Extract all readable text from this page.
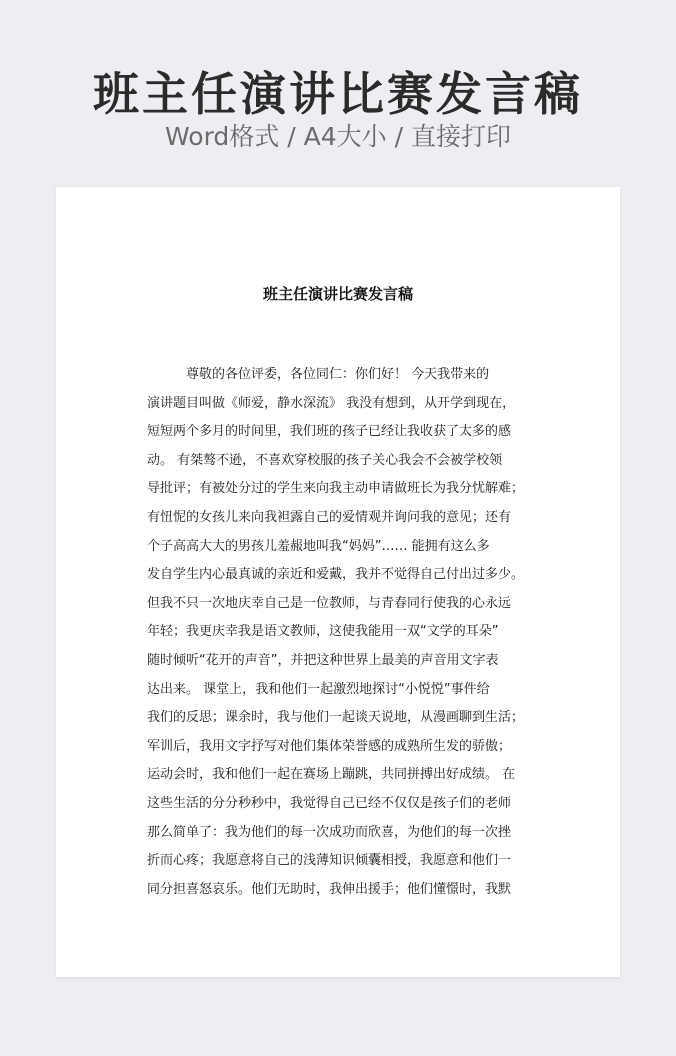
班主任演讲比赛发言稿

Word格式 / A4大小 / 直接打印

班主任演讲比赛发言稿
　　　尊敬的各位评委，各位同仁：你们好！ 今天我带来的
演讲题目叫做《师爱，静水深流》 我没有想到，从开学到现在，
短短两个多月的时间里，我们班的孩子已经让我收获了太多的感
动。 有桀骜不逊，不喜欢穿校服的孩子关心我会不会被学校领
导批评；有被处分过的学生来向我主动申请做班长为我分忧解难；
有忸怩的女孩儿来向我袒露自己的爱情观并询问我的意见；还有
个子高高大大的男孩儿羞赧地叫我“妈妈”…… 能拥有这么多
发自学生内心最真诚的亲近和爱戴，我并不觉得自己付出过多少。
但我不只一次地庆幸自己是一位教师，与青春同行使我的心永远
年轻；我更庆幸我是语文教师，这使我能用一双“文学的耳朵”
随时倾听“花开的声音”，并把这种世界上最美的声音用文字表
达出来。 课堂上，我和他们一起激烈地探讨“小悦悦”事件给
我们的反思；课余时，我与他们一起谈天说地，从漫画聊到生活；
军训后，我用文字抒写对他们集体荣誉感的成熟所生发的骄傲；
运动会时，我和他们一起在赛场上蹦跳，共同拼搏出好成绩。 在
这些生活的分分秒秒中，我觉得自己已经不仅仅是孩子们的老师
那么简单了：我为他们的每一次成功而欣喜，为他们的每一次挫
折而心疼；我愿意将自己的浅薄知识倾囊相授，我愿意和他们一
同分担喜怒哀乐。他们无助时，我伸出援手；他们懂憬时，我默
